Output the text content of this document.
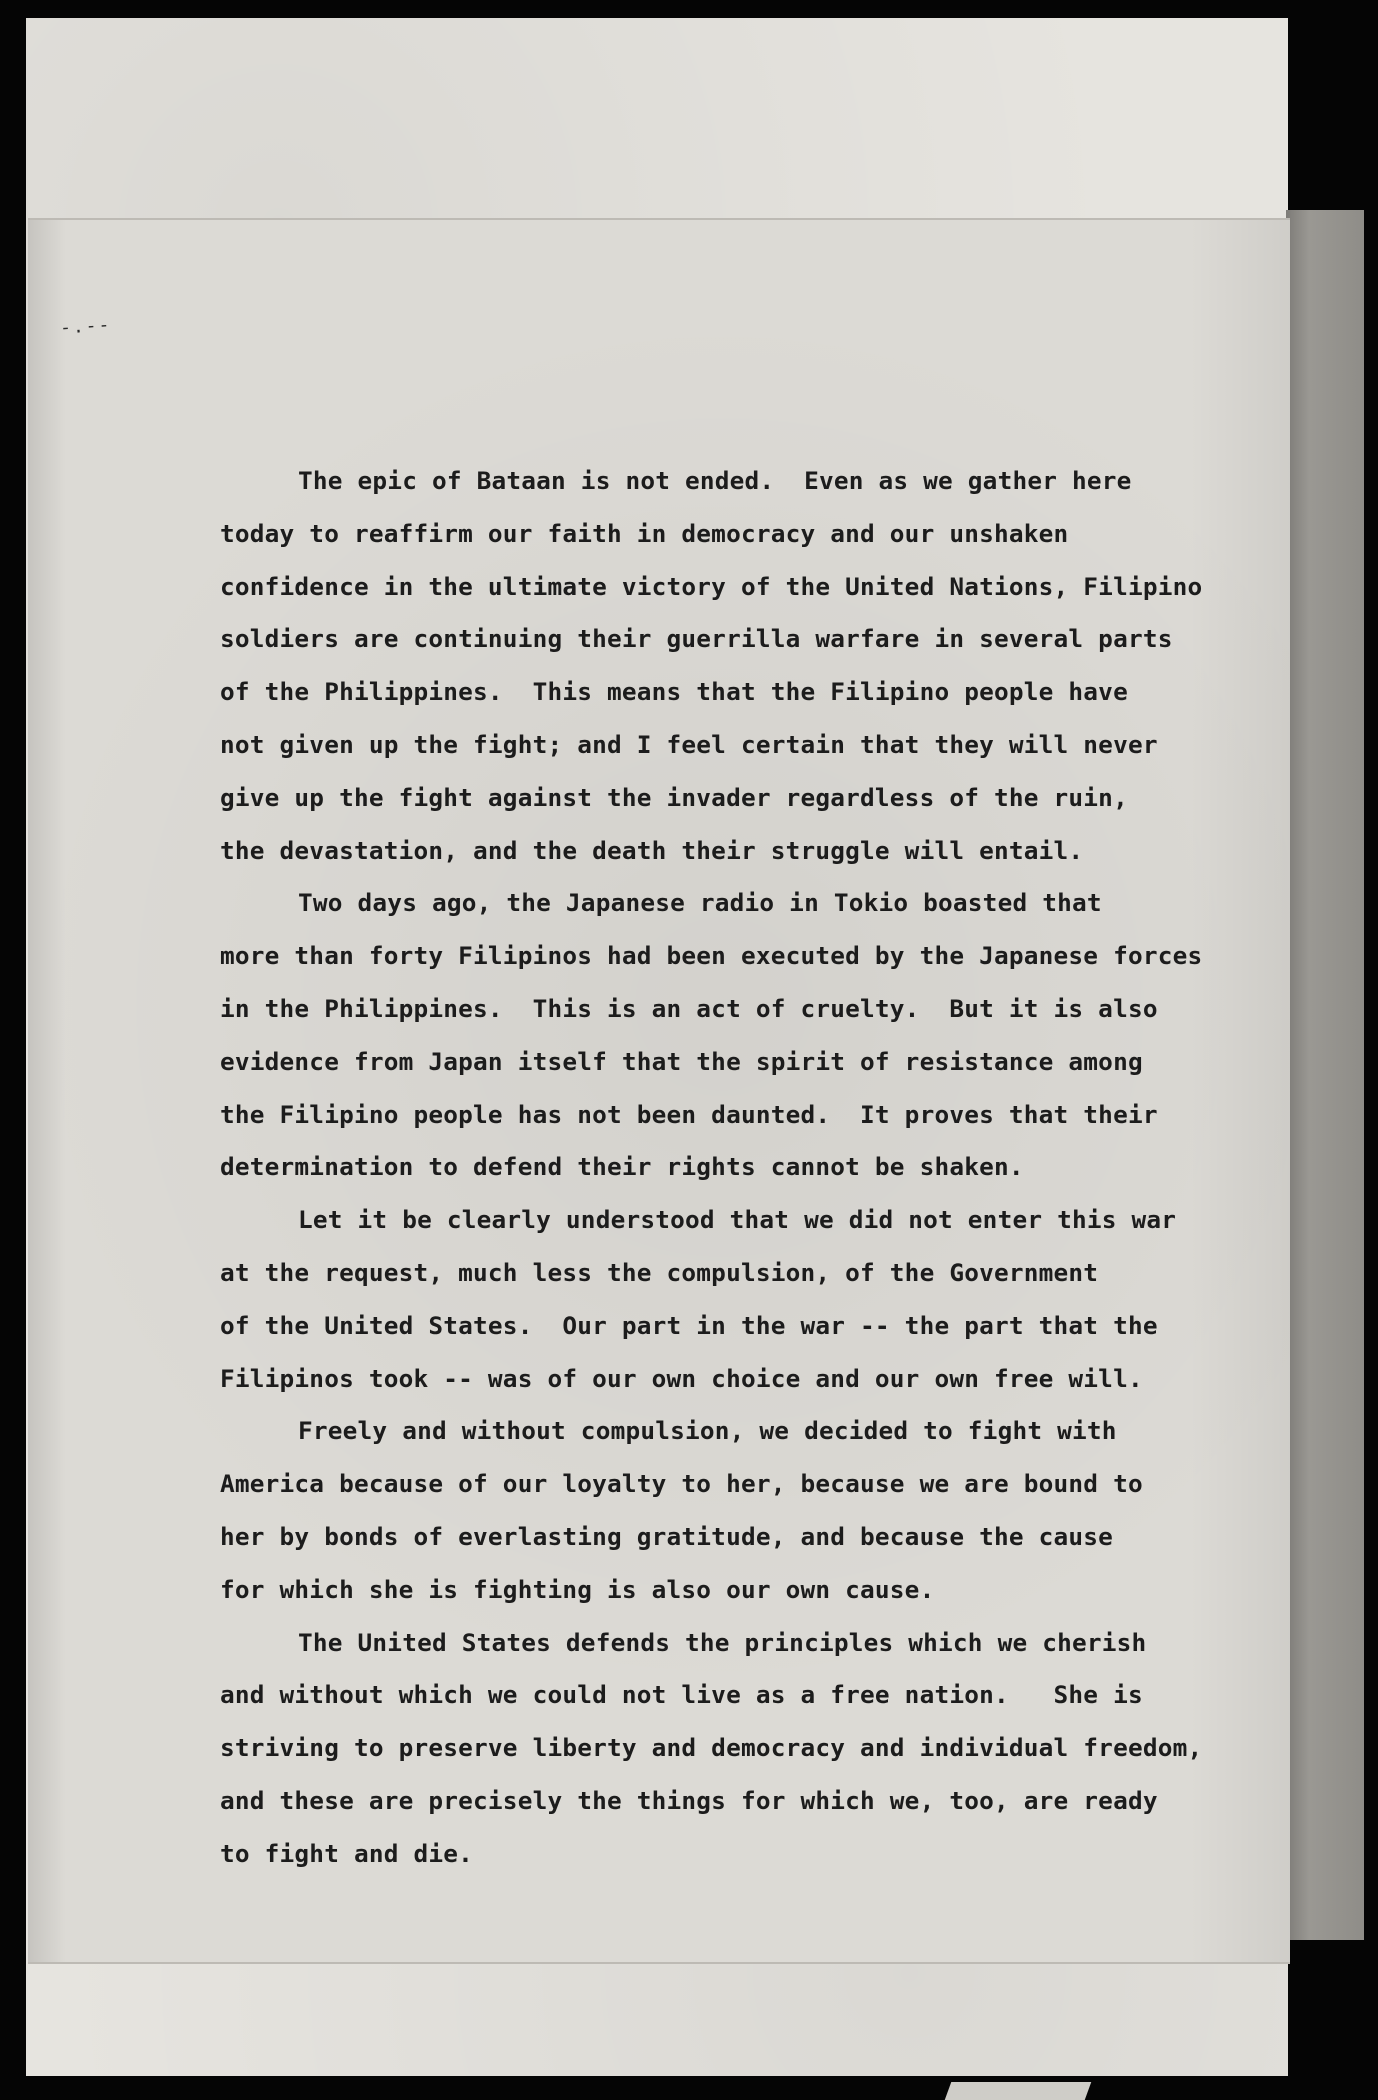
-.--
The epic of Bataan is not ended.  Even as we gather here
today to reaffirm our faith in democracy and our unshaken
confidence in the ultimate victory of the United Nations, Filipino
soldiers are continuing their guerrilla warfare in several parts
of the Philippines.  This means that the Filipino people have
not given up the fight; and I feel certain that they will never
give up the fight against the invader regardless of the ruin,
the devastation, and the death their struggle will entail.
Two days ago, the Japanese radio in Tokio boasted that
more than forty Filipinos had been executed by the Japanese forces
in the Philippines.  This is an act of cruelty.  But it is also
evidence from Japan itself that the spirit of resistance among
the Filipino people has not been daunted.  It proves that their
determination to defend their rights cannot be shaken.
Let it be clearly understood that we did not enter this war
at the request, much less the compulsion, of the Government
of the United States.  Our part in the war -- the part that the
Filipinos took -- was of our own choice and our own free will.
Freely and without compulsion, we decided to fight with
America because of our loyalty to her, because we are bound to
her by bonds of everlasting gratitude, and because the cause
for which she is fighting is also our own cause.
The United States defends the principles which we cherish
and without which we could not live as a free nation.   She is
striving to preserve liberty and democracy and individual freedom,
and these are precisely the things for which we, too, are ready
to fight and die.
